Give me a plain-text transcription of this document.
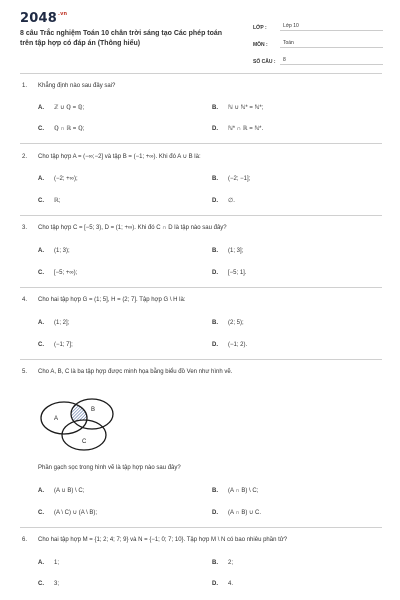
$2048^{.vn}$
8 câu Trắc nghiệm Toán 10 chân trời sáng tạo Các phép toán trên tập hợp có đáp án (Thông hiểu)
LỚP :	Lớp 10
MÔN :	Toán
SỐ CÂU :	8
1.	Khẳng định nào sau đây sai?
A. ℤ ∪ ℚ = ℚ;	B. ℕ ∪ ℕ* = ℕ*;
C. ℚ ∩ ℝ = ℚ;	D. ℕ* ∩ ℝ = ℕ*.
2.	Cho tập hợp A = (−∞;−2] và tập B = (−1; +∞). Khi đó A ∪ B là:
A. (−2; +∞);	B. (−2; −1];
C. ℝ;	D. ∅.
3.	Cho tập hợp C = [−5; 3), D = (1; +∞). Khi đó C ∩ D là tập nào sau đây?
A. (1; 3);	B. (1; 3];
C. [−5; +∞);	D. [−5; 1].
4.	Cho hai tập hợp G = (1; 5], H = (2; 7]. Tập hợp G \ H là:
A. (1; 2];	B. (2; 5);
C. (−1; 7];	D. (−1; 2).
5.	Cho A, B, C là ba tập hợp được minh họa bằng biểu đồ Ven như hình vẽ.
A
B
C
Phần gạch sọc trong hình vẽ là tập hợp nào sau đây?
A. (A ∪ B) \ C;	B. (A ∩ B) \ C;
C. (A \ C) ∪ (A \ B);	D. (A ∩ B) ∪ C.
6.	Cho hai tập hợp M = {1; 2; 4; 7; 9} và N = {−1; 0; 7; 10}. Tập hợp M \ N có bao nhiêu phần tử?
A. 1;	B. 2;
C. 3;	D. 4.
